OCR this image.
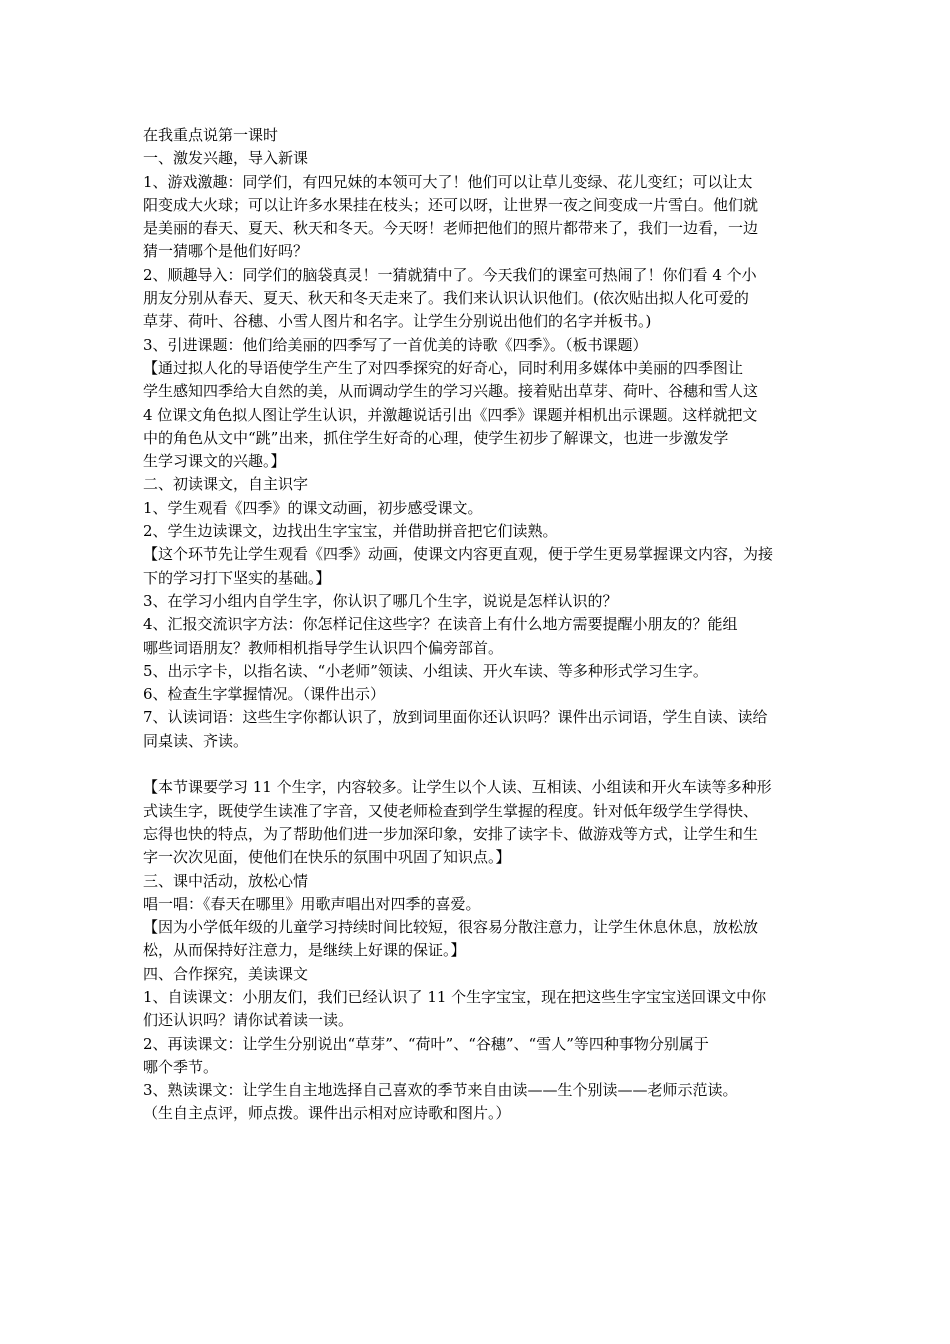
在我重点说第一课时

一、激发兴趣，导入新课

1、游戏激趣：同学们，有四兄妹的本领可大了！他们可以让草儿变绿、花儿变红；可以让太

阳变成大火球；可以让许多水果挂在枝头；还可以呀，让世界一夜之间变成一片雪白。他们就

是美丽的春天、夏天、秋天和冬天。今天呀！老师把他们的照片都带来了，我们一边看，一边

猜一猜哪个是他们好吗？

2、顺趣导入：同学们的脑袋真灵！一猜就猜中了。今天我们的课室可热闹了！你们看 4 个小

朋友分别从春天、夏天、秋天和冬天走来了。我们来认识认识他们。(依次贴出拟人化可爱的

草芽、荷叶、谷穗、小雪人图片和名字。让学生分别说出他们的名字并板书。)

3、引进课题：他们给美丽的四季写了一首优美的诗歌《四季》。（板书课题）

【通过拟人化的导语使学生产生了对四季探究的好奇心，同时利用多媒体中美丽的四季图让

学生感知四季给大自然的美，从而调动学生的学习兴趣。接着贴出草芽、荷叶、谷穗和雪人这

4 位课文角色拟人图让学生认识，并激趣说话引出《四季》课题并相机出示课题。这样就把文

中的角色从文中“跳”出来，抓住学生好奇的心理，使学生初步了解课文，也进一步激发学

生学习课文的兴趣。】

二、初读课文，自主识字

1、学生观看《四季》的课文动画，初步感受课文。

2、学生边读课文，边找出生字宝宝，并借助拼音把它们读熟。

【这个环节先让学生观看《四季》动画，使课文内容更直观，便于学生更易掌握课文内容，为接

下的学习打下坚实的基础。】

3、在学习小组内自学生字，你认识了哪几个生字，说说是怎样认识的？

4、汇报交流识字方法：你怎样记住这些字？在读音上有什么地方需要提醒小朋友的？能组

哪些词语朋友？教师相机指导学生认识四个偏旁部首。

5、出示字卡，以指名读、“小老师”领读、小组读、开火车读、等多种形式学习生字。

6、检查生字掌握情况。（课件出示）

7、认读词语：这些生字你都认识了，放到词里面你还认识吗？课件出示词语，学生自读、读给

同桌读、齐读。

【本节课要学习 11 个生字，内容较多。让学生以个人读、互相读、小组读和开火车读等多种形

式读生字，既使学生读准了字音，又使老师检查到学生掌握的程度。针对低年级学生学得快、

忘得也快的特点，为了帮助他们进一步加深印象，安排了读字卡、做游戏等方式，让学生和生

字一次次见面，使他们在快乐的氛围中巩固了知识点。】

三、课中活动，放松心情

唱一唱：《春天在哪里》用歌声唱出对四季的喜爱。

【因为小学低年级的儿童学习持续时间比较短，很容易分散注意力，让学生休息休息，放松放

松，从而保持好注意力，是继续上好课的保证。】

四、合作探究，美读课文

1、自读课文：小朋友们，我们已经认识了 11 个生字宝宝，现在把这些生字宝宝送回课文中你

们还认识吗？请你试着读一读。

2、再读课文：让学生分别说出“草芽”、“荷叶”、“谷穗”、“雪人”等四种事物分别属于

哪个季节。

3、熟读课文：让学生自主地选择自己喜欢的季节来自由读——生个别读——老师示范读。

（生自主点评，师点拨。课件出示相对应诗歌和图片。）
